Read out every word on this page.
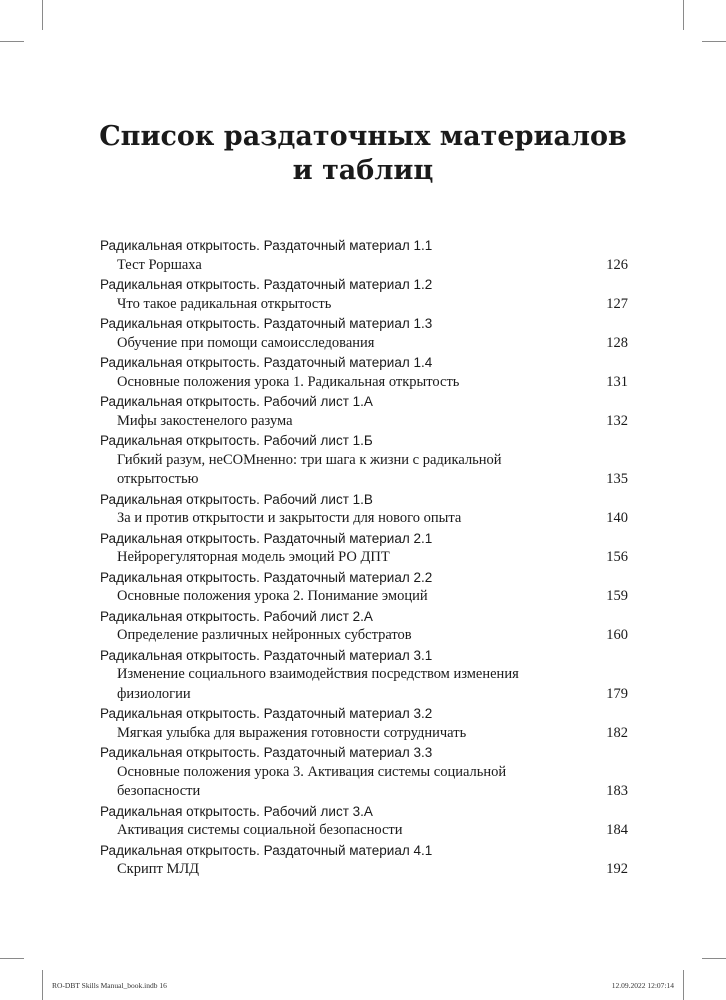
Список раздаточных материалов
и таблиц
Радикальная открытость. Раздаточный материал 1.1
Тест Роршаха	126
Радикальная открытость. Раздаточный материал 1.2
Что такое радикальная открытость	127
Радикальная открытость. Раздаточный материал 1.3
Обучение при помощи самоисследования	128
Радикальная открытость. Раздаточный материал 1.4
Основные положения урока 1. Радикальная открытость	131
Радикальная открытость. Рабочий лист 1.А
Мифы закостенелого разума	132
Радикальная открытость. Рабочий лист 1.Б
Гибкий разум, неСОМненно: три шага к жизни с радикальной открытостью	135
Радикальная открытость. Рабочий лист 1.В
За и против открытости и закрытости для нового опыта	140
Радикальная открытость. Раздаточный материал 2.1
Нейрорегуляторная модель эмоций РО ДПТ	156
Радикальная открытость. Раздаточный материал 2.2
Основные положения урока 2. Понимание эмоций	159
Радикальная открытость. Рабочий лист 2.А
Определение различных нейронных субстратов	160
Радикальная открытость. Раздаточный материал 3.1
Изменение социального взаимодействия посредством изменения физиологии	179
Радикальная открытость. Раздаточный материал 3.2
Мягкая улыбка для выражения готовности сотрудничать	182
Радикальная открытость. Раздаточный материал 3.3
Основные положения урока 3. Активация системы социальной безопасности	183
Радикальная открытость. Рабочий лист 3.А
Активация системы социальной безопасности	184
Радикальная открытость. Раздаточный материал 4.1
Скрипт МЛД	192
RO-DBT Skills Manual_book.indb 16	12.09.2022 12:07:14
